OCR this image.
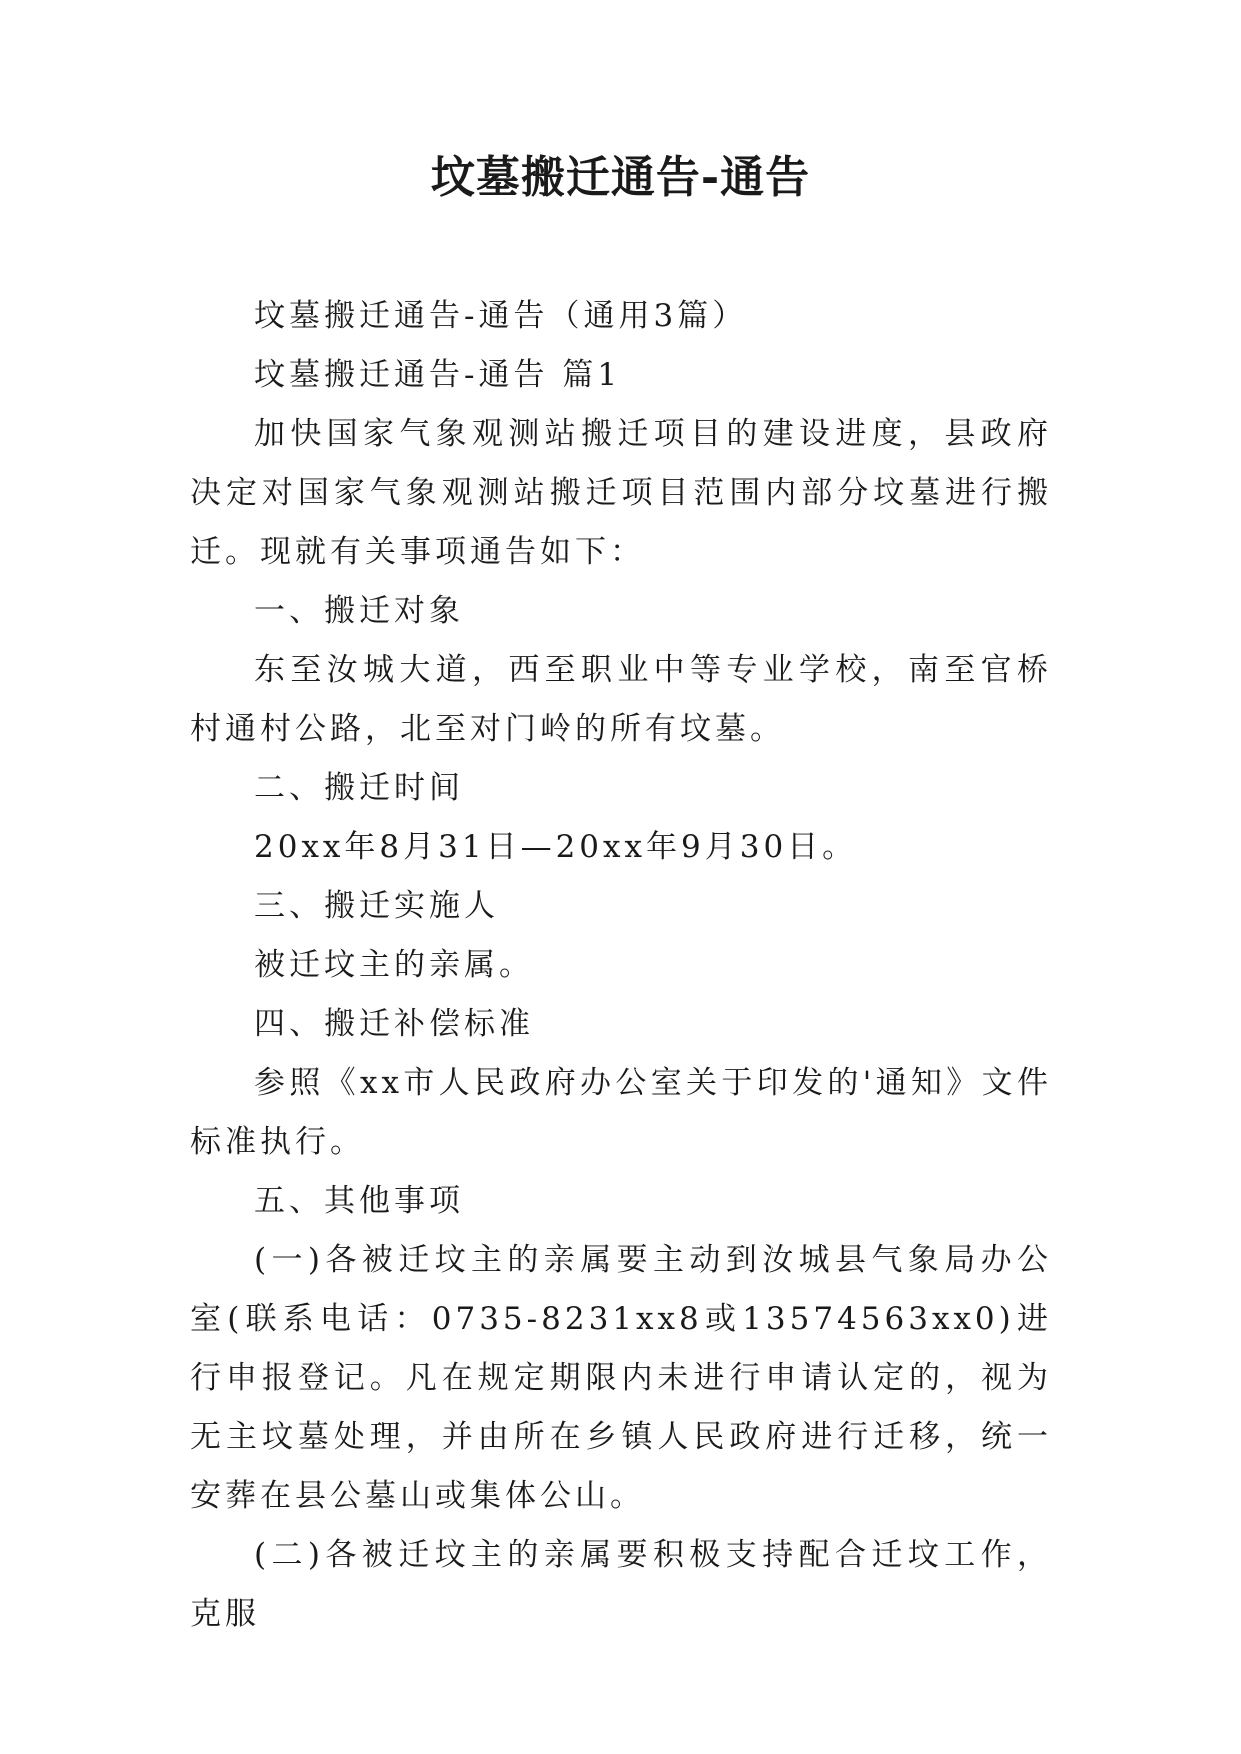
坟墓搬迁通告-通告

坟墓搬迁通告-通告（通用3篇）

坟墓搬迁通告-通告 篇1

加快国家气象观测站搬迁项目的建设进度，县政府决定对国家气象观测站搬迁项目范围内部分坟墓进行搬迁。现就有关事项通告如下：

一、搬迁对象

东至汝城大道，西至职业中等专业学校，南至官桥村通村公路，北至对门岭的所有坟墓。

二、搬迁时间

20xx年8月31日—20xx年9月30日。

三、搬迁实施人

被迁坟主的亲属。

四、搬迁补偿标准

参照《xx市人民政府办公室关于印发的'通知》文件标准执行。

五、其他事项

(一)各被迁坟主的亲属要主动到汝城县气象局办公室(联系电话：0735-8231xx8或13574563xx0)进行申报登记。凡在规定期限内未进行申请认定的，视为无主坟墓处理，并由所在乡镇人民政府进行迁移，统一安葬在县公墓山或集体公山。

(二)各被迁坟主的亲属要积极支持配合迁坟工作，克服
